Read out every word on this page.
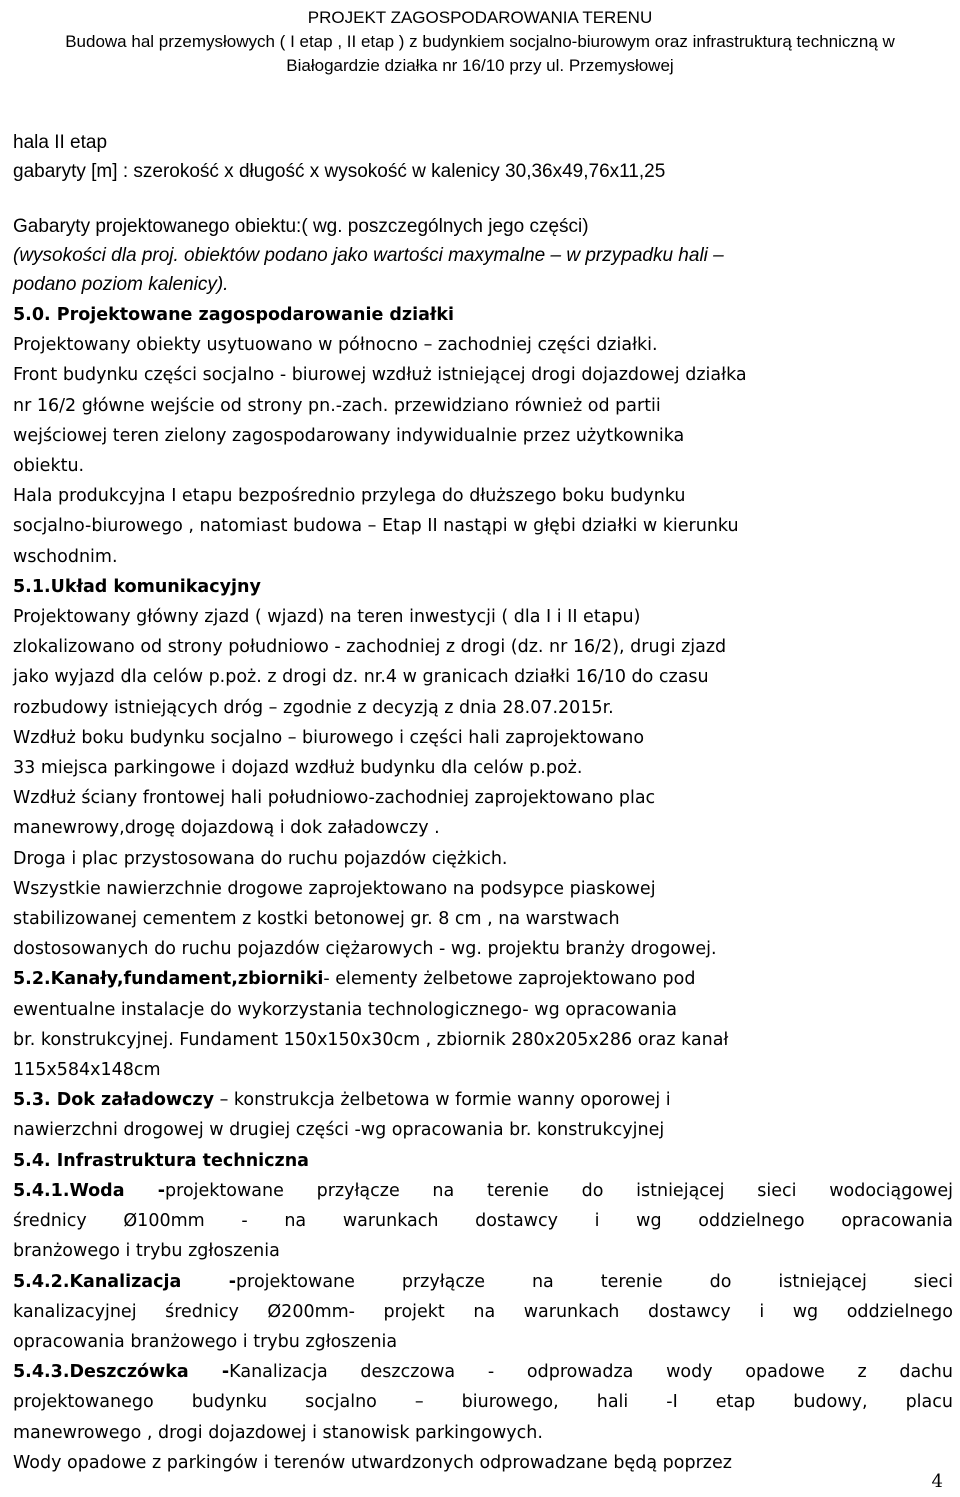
PROJEKT ZAGOSPODAROWANIA TERENU
Budowa hal przemysłowych ( I etap , II etap ) z budynkiem socjalno-biurowym oraz infrastrukturą techniczną w
Białogardzie działka nr 16/10 przy ul. Przemysłowej
hala II etap
gabaryty [m] : szerokość x długość x wysokość w kalenicy 30,36x49,76x11,25
Gabaryty projektowanego obiektu:( wg. poszczególnych jego części)
(wysokości dla proj. obiektów podano jako wartości maxymalne – w przypadku hali –
podano poziom kalenicy).
5.0. Projektowane zagospodarowanie działki
Projektowany obiekty usytuowano w północno – zachodniej części działki.
Front budynku części socjalno - biurowej wzdłuż istniejącej drogi dojazdowej działka
nr 16/2 główne wejście od strony pn.-zach. przewidziano również od partii
wejściowej teren zielony zagospodarowany indywidualnie przez użytkownika
obiektu.
Hala produkcyjna I etapu bezpośrednio przylega do dłuższego boku budynku
socjalno-biurowego , natomiast budowa – Etap II nastąpi w głębi działki w kierunku
wschodnim.
5.1.Układ komunikacyjny
Projektowany główny zjazd ( wjazd) na teren inwestycji ( dla I i II etapu)
zlokalizowano od strony południowo - zachodniej z drogi (dz. nr 16/2), drugi zjazd
jako wyjazd dla celów p.poż. z drogi dz. nr.4 w granicach działki 16/10 do czasu
rozbudowy istniejących dróg – zgodnie z decyzją z dnia 28.07.2015r.
Wzdłuż boku budynku socjalno – biurowego i części hali zaprojektowano
33 miejsca parkingowe i dojazd wzdłuż budynku dla celów p.poż.
Wzdłuż ściany frontowej hali południowo-zachodniej zaprojektowano plac
manewrowy,drogę dojazdową i dok załadowczy .
Droga i plac przystosowana do ruchu pojazdów ciężkich.
Wszystkie nawierzchnie drogowe zaprojektowano na podsypce piaskowej
stabilizowanej cementem z kostki betonowej gr. 8 cm , na warstwach
dostosowanych do ruchu pojazdów ciężarowych - wg. projektu branży drogowej.
5.2.Kanały,fundament,zbiorniki- elementy żelbetowe zaprojektowano pod
ewentualne instalacje do wykorzystania technologicznego- wg opracowania
br. konstrukcyjnej. Fundament 150x150x30cm , zbiornik 280x205x286 oraz kanał
115x584x148cm
5.3. Dok załadowczy – konstrukcja żelbetowa w formie wanny oporowej i
nawierzchni drogowej w drugiej części -wg opracowania br. konstrukcyjnej
5.4. Infrastruktura techniczna
5.4.1.Woda -projektowane przyłącze na terenie do istniejącej sieci wodociągowej
średnicy Ø100mm - na warunkach dostawcy i wg oddzielnego opracowania
branżowego i trybu zgłoszenia
5.4.2.Kanalizacja -projektowane przyłącze na terenie do istniejącej sieci
kanalizacyjnej średnicy Ø200mm- projekt na warunkach dostawcy i wg oddzielnego
opracowania branżowego i trybu zgłoszenia
5.4.3.Deszczówka -Kanalizacja deszczowa - odprowadza wody opadowe z dachu
projektowanego budynku socjalno – biurowego, hali -I etap budowy, placu
manewrowego , drogi dojazdowej i stanowisk parkingowych.
Wody opadowe z parkingów i terenów utwardzonych odprowadzane będą poprzez
4
